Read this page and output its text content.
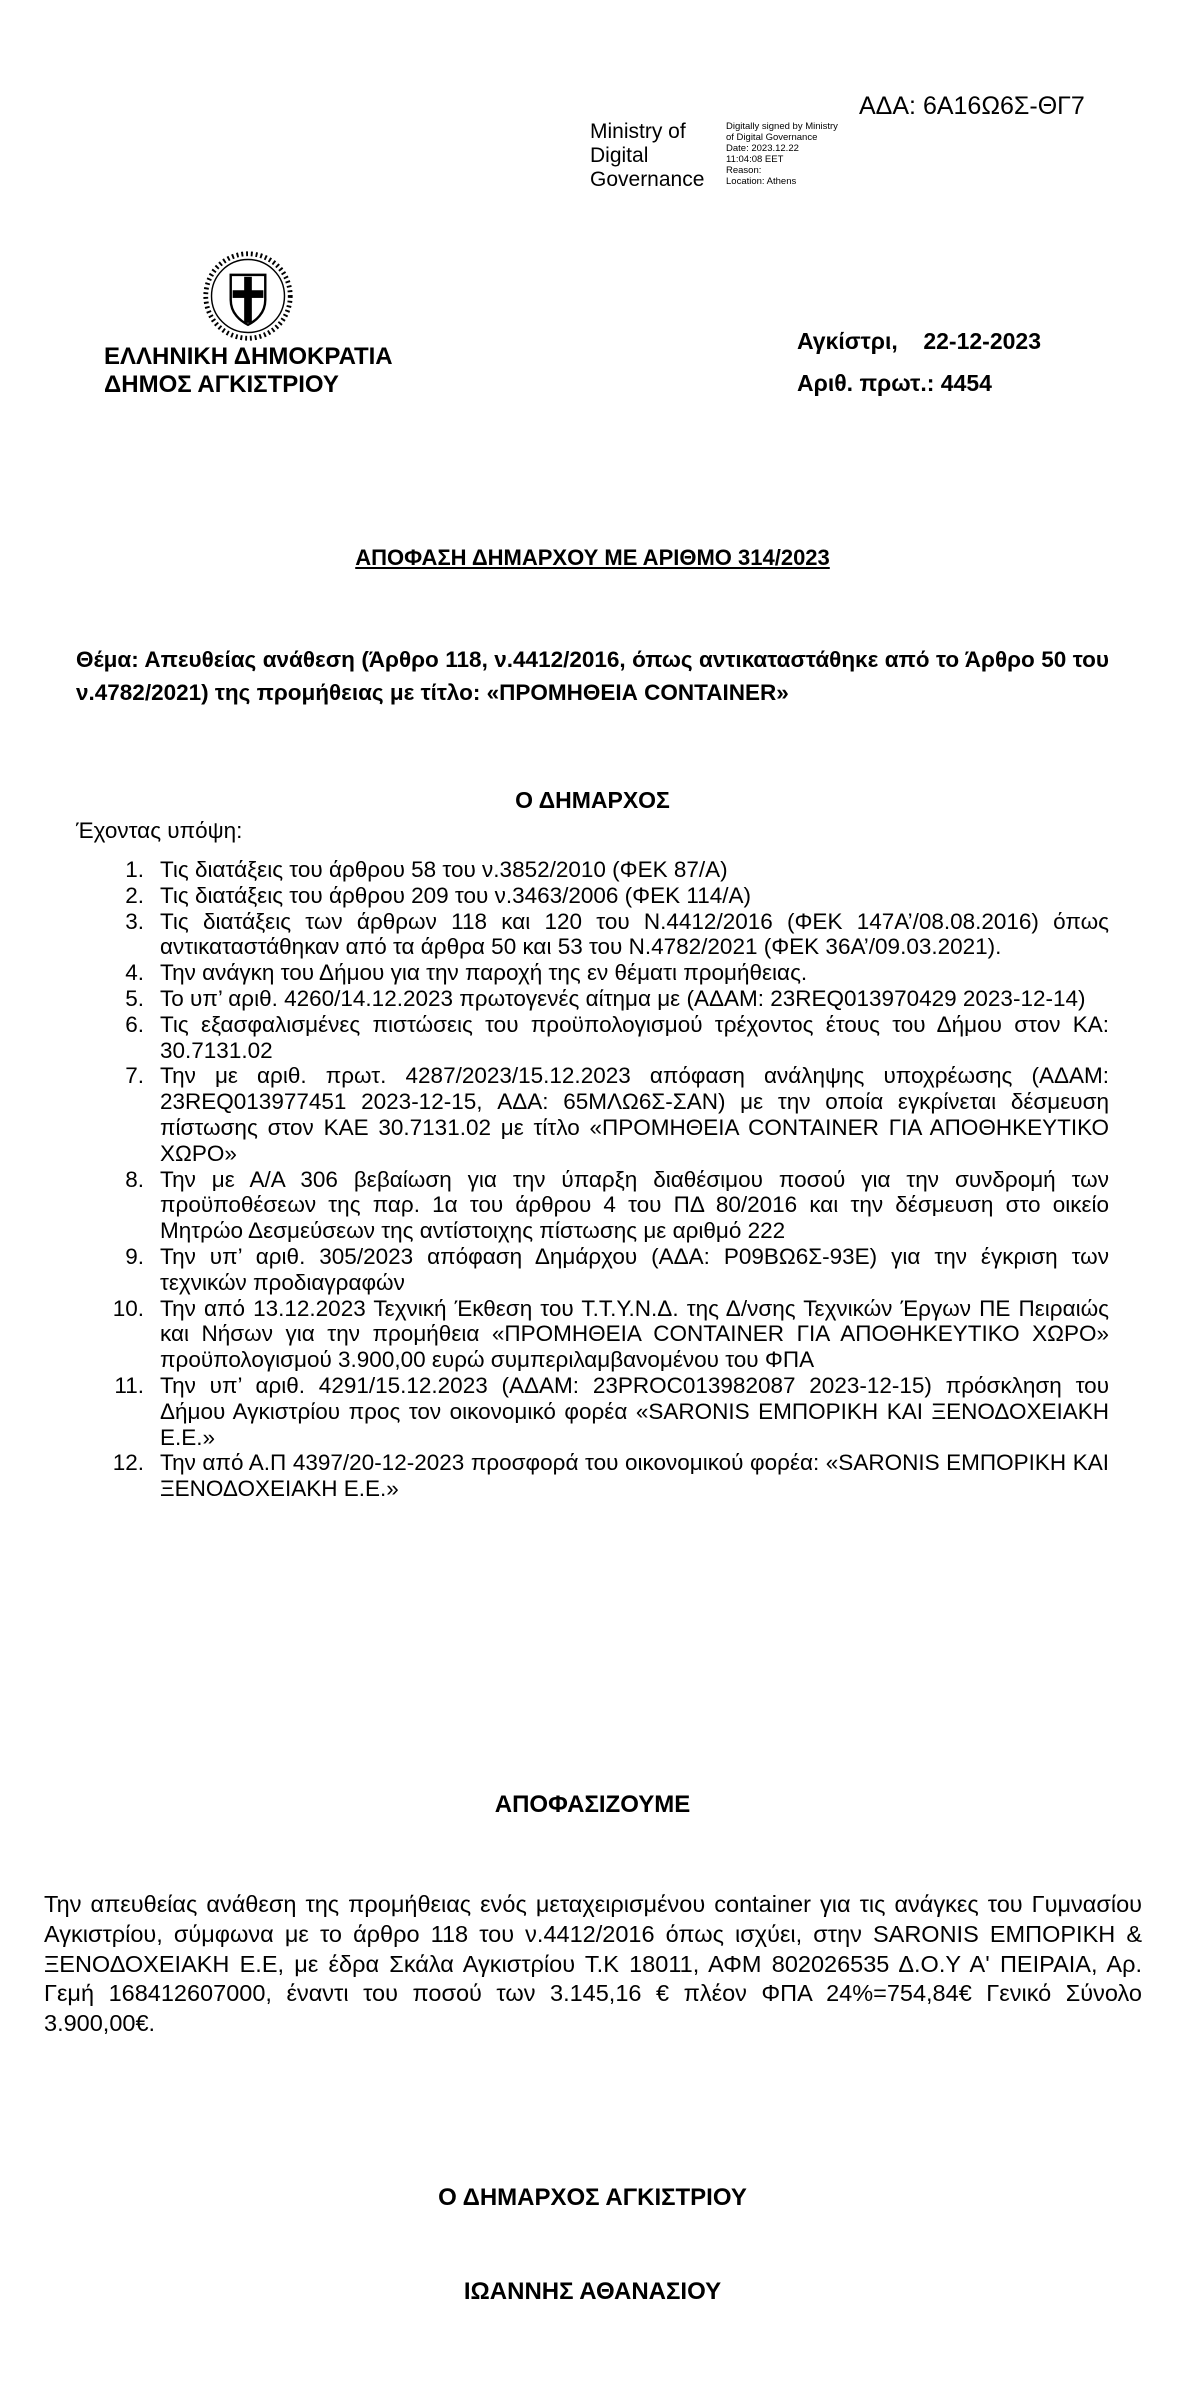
ΑΔΑ: 6Α16Ω6Σ-ΘΓ7
Ministry of
Digital
Governance
Digitally signed by Ministry
of Digital Governance
Date: 2023.12.22
11:04:08 EET
Reason:
Location: Athens
ΕΛΛΗΝΙΚΗ ΔΗΜΟΚΡΑΤΙΑ
ΔΗΜΟΣ ΑΓΚΙΣΤΡΙΟΥ
Αγκίστρι,    22-12-2023
Αριθ. πρωτ.: 4454
ΑΠΟΦΑΣΗ ΔΗΜΑΡΧΟΥ ΜΕ ΑΡΙΘΜΟ 314/2023
Θέμα: Απευθείας ανάθεση (Άρθρο 118, ν.4412/2016, όπως αντικαταστάθηκε από το Άρθρο 50 του ν.4782/2021) της προμήθειας με τίτλο: «ΠΡΟΜΗΘΕΙΑ CONTAINER»
Ο ΔΗΜΑΡΧΟΣ
Έχοντας υπόψη:
1. Τις διατάξεις του άρθρου 58 του ν.3852/2010 (ΦΕΚ 87/Α)
2. Τις διατάξεις του άρθρου 209 του ν.3463/2006 (ΦΕΚ 114/Α)
3. Τις διατάξεις των άρθρων 118 και 120 του Ν.4412/2016 (ΦΕΚ 147Α’/08.08.2016) όπως αντικαταστάθηκαν από τα άρθρα 50 και 53 του Ν.4782/2021 (ΦΕΚ 36Α’/09.03.2021).
4. Την ανάγκη του Δήμου για την παροχή της εν θέματι προμήθειας.
5. Το υπ’ αριθ. 4260/14.12.2023 πρωτογενές αίτημα με (ΑΔΑΜ: 23REQ013970429 2023-12-14)
6. Τις εξασφαλισμένες πιστώσεις του προϋπολογισμού τρέχοντος έτους του Δήμου στον ΚΑ: 30.7131.02
7. Την με αριθ. πρωτ. 4287/2023/15.12.2023 απόφαση ανάληψης υποχρέωσης (ΑΔΑΜ: 23REQ013977451 2023-12-15, ΑΔΑ: 65ΜΛΩ6Σ-ΣΑΝ) με την οποία εγκρίνεται δέσμευση πίστωσης στον ΚΑΕ 30.7131.02 με τίτλο «ΠΡΟΜΗΘΕΙΑ CONTAINER ΓΙΑ ΑΠΟΘΗΚΕΥΤΙΚΟ ΧΩΡΟ»
8. Την με Α/Α 306 βεβαίωση για την ύπαρξη διαθέσιμου ποσού για την συνδρομή των προϋποθέσεων της παρ. 1α του άρθρου 4 του ΠΔ 80/2016 και την δέσμευση στο οικείο Μητρώο Δεσμεύσεων της αντίστοιχης πίστωσης με αριθμό 222
9. Την υπ’ αριθ. 305/2023 απόφαση Δημάρχου (ΑΔΑ: Ρ09ΒΩ6Σ-93Ε) για την έγκριση των τεχνικών προδιαγραφών
10. Την από 13.12.2023 Τεχνική Έκθεση του Τ.Τ.Υ.Ν.Δ. της Δ/νσης Τεχνικών Έργων ΠΕ Πειραιώς και Νήσων για την προμήθεια «ΠΡΟΜΗΘΕΙΑ CONTAINER ΓΙΑ ΑΠΟΘΗΚΕΥΤΙΚΟ ΧΩΡΟ» προϋπολογισμού 3.900,00 ευρώ συμπεριλαμβανομένου του ΦΠΑ
11. Την υπ’ αριθ. 4291/15.12.2023 (ΑΔΑΜ: 23PROC013982087 2023-12-15) πρόσκληση του Δήμου Αγκιστρίου προς τον οικονομικό φορέα «SARONIS ΕΜΠΟΡΙΚΗ ΚΑΙ ΞΕΝΟΔΟΧΕΙΑΚΗ Ε.Ε.»
12. Την από Α.Π 4397/20-12-2023 προσφορά του οικονομικού φορέα: «SARONIS ΕΜΠΟΡΙΚΗ ΚΑΙ ΞΕΝΟΔΟΧΕΙΑΚΗ Ε.Ε.»
ΑΠΟΦΑΣΙΖΟΥΜΕ
Την απευθείας ανάθεση της προμήθειας ενός μεταχειρισμένου container για τις ανάγκες του Γυμνασίου Αγκιστρίου, σύμφωνα με το άρθρο 118 του ν.4412/2016 όπως ισχύει, στην SARONIS ΕΜΠΟΡΙΚΗ & ΞΕΝΟΔΟΧΕΙΑΚΗ Ε.Ε, με έδρα Σκάλα Αγκιστρίου Τ.Κ 18011, ΑΦΜ 802026535 Δ.Ο.Υ Α' ΠΕΙΡΑΙΑ, Αρ. Γεμή 168412607000, έναντι του ποσού των 3.145,16 € πλέον ΦΠΑ 24%=754,84€ Γενικό Σύνολο 3.900,00€.
Ο ΔΗΜΑΡΧΟΣ ΑΓΚΙΣΤΡΙΟΥ
ΙΩΑΝΝΗΣ ΑΘΑΝΑΣΙΟΥ
